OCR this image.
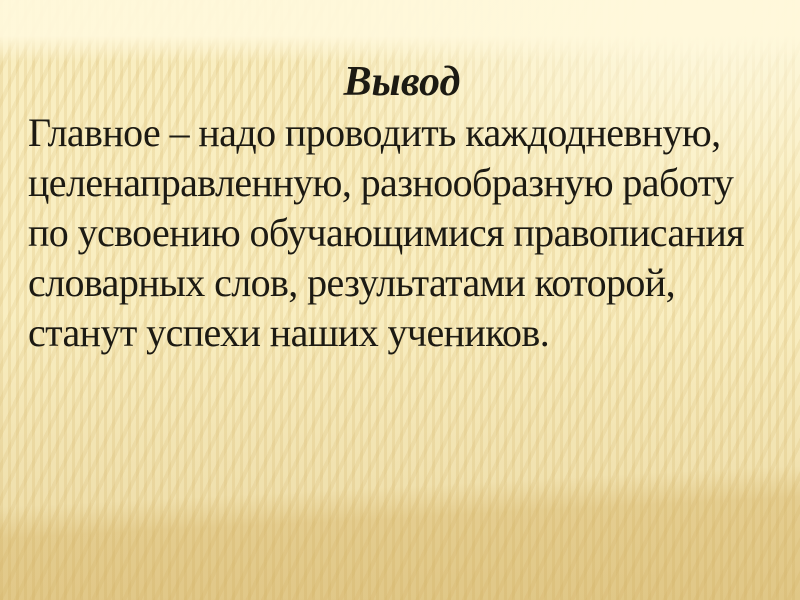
Вывод
Главное – надо проводить каждодневную,
целенаправленную, разнообразную работу
по усвоению обучающимися правописания
словарных слов, результатами которой,
станут успехи наших учеников.
